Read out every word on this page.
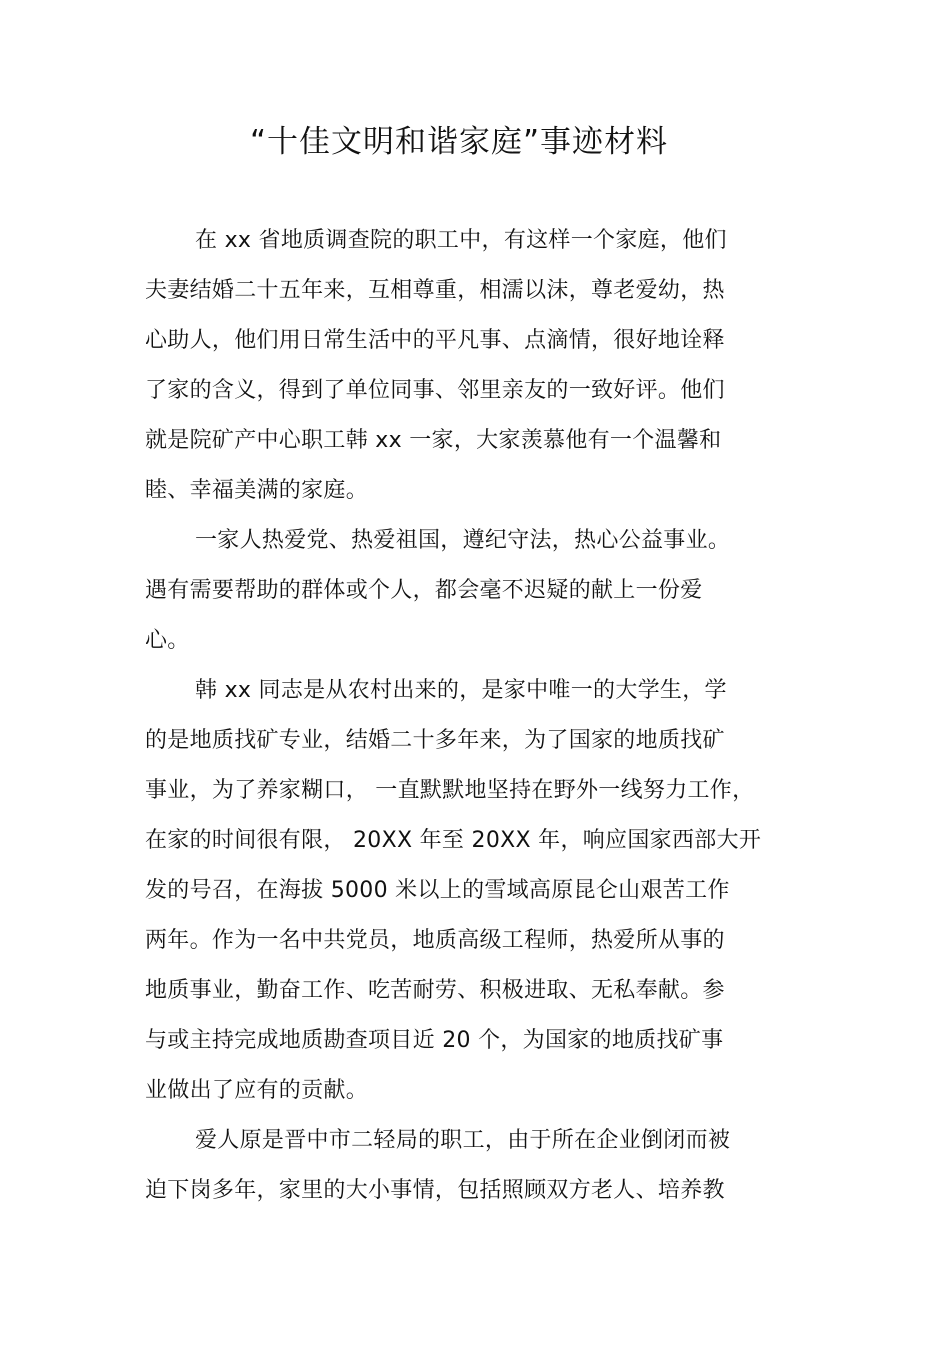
“十佳文明和谐家庭”事迹材料
在 xx 省地质调查院的职工中，有这样一个家庭，他们
夫妻结婚二十五年来，互相尊重，相濡以沫，尊老爱幼，热
心助人，他们用日常生活中的平凡事、点滴情，很好地诠释
了家的含义，得到了单位同事、邻里亲友的一致好评。他们
就是院矿产中心职工韩 xx 一家，大家羡慕他有一个温馨和
睦、幸福美满的家庭。
一家人热爱党、热爱祖国，遵纪守法，热心公益事业。
遇有需要帮助的群体或个人，都会毫不迟疑的献上一份爱
心。
韩 xx 同志是从农村出来的，是家中唯一的大学生，学
的是地质找矿专业，结婚二十多年来，为了国家的地质找矿
事业，为了养家糊口， 一直默默地坚持在野外一线努力工作，
在家的时间很有限， 20XX 年至 20XX 年，响应国家西部大开
发的号召，在海拔 5000 米以上的雪域高原昆仑山艰苦工作
两年。作为一名中共党员，地质高级工程师，热爱所从事的
地质事业，勤奋工作、吃苦耐劳、积极进取、无私奉献。参
与或主持完成地质勘查项目近 20 个，为国家的地质找矿事
业做出了应有的贡献。
爱人原是晋中市二轻局的职工，由于所在企业倒闭而被
迫下岗多年，家里的大小事情，包括照顾双方老人、培养教
